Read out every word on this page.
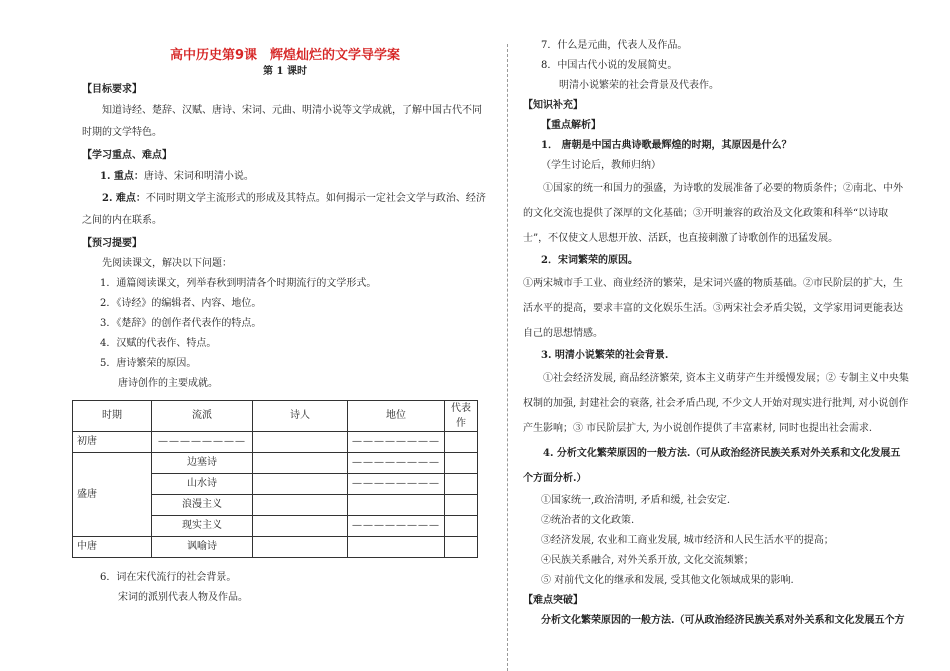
高中历史第9课　辉煌灿烂的文学导学案

第 1 课时

【目标要求】

知道诗经、楚辞、汉赋、唐诗、宋词、元曲、明清小说等文学成就，了解中国古代不同时期的文学特色。

【学习重点、难点】

1. 重点：唐诗、宋词和明清小说。

2. 难点：不同时期文学主流形式的形成及其特点。如何揭示一定社会文学与政治、经济之间的内在联系。

【预习提要】

先阅读课文，解决以下问题：

1．通篇阅读课文，列举春秋到明清各个时期流行的文学形式。

2．《诗经》的编辑者、内容、地位。

3．《楚辞》的创作者代表作的特点。

4．汉赋的代表作、特点。

5．唐诗繁荣的原因。

唐诗创作的主要成就。

时期	流派	诗人	地位	代表作
初唐	————————		————————	
盛唐	边塞诗		————————	
	山水诗		————————	
	浪漫主义			
	现实主义		————————	
中唐	讽喻诗			

6．词在宋代流行的社会背景。

宋词的派别代表人物及作品。

7．什么是元曲，代表人及作品。

8．中国古代小说的发展简史。

明清小说繁荣的社会背景及代表作。

【知识补充】

【重点解析】

1． 唐朝是中国古典诗歌最辉煌的时期，其原因是什么？（学生讨论后，教师归纳）

①国家的统一和国力的强盛，为诗歌的发展准备了必要的物质条件；②南北、中外的文化交流也提供了深厚的文化基础；③开明兼容的政治及文化政策和科举“以诗取士”，不仅使文人思想开放、活跃，也直接刺激了诗歌创作的迅猛发展。

2．宋词繁荣的原因。

①两宋城市手工业、商业经济的繁荣，是宋词兴盛的物质基础。②市民阶层的扩大，生活水平的提高，要求丰富的文化娱乐生活。③两宋社会矛盾尖锐，文学家用词更能表达自己的思想情感。

3. 明清小说繁荣的社会背景.

①社会经济发展, 商品经济繁荣, 资本主义萌芽产生并缓慢发展；② 专制主义中央集权制的加强, 封建社会的衰落, 社会矛盾凸现, 不少文人开始对现实进行批判, 对小说创作产生影响；③ 市民阶层扩大, 为小说创作提供了丰富素材, 同时也提出社会需求.

4. 分析文化繁荣原因的一般方法.（可从政治经济民族关系对外关系和文化发展五个方面分析.）

①国家统一,政治清明, 矛盾和缓, 社会安定.

②统治者的文化政策.

③经济发展, 农业和工商业发展, 城市经济和人民生活水平的提高；

④民族关系融合, 对外关系开放, 文化交流频繁；

⑤ 对前代文化的继承和发展, 受其他文化领域成果的影响.

【难点突破】

分析文化繁荣原因的一般方法.（可从政治经济民族关系对外关系和文化发展五个方
